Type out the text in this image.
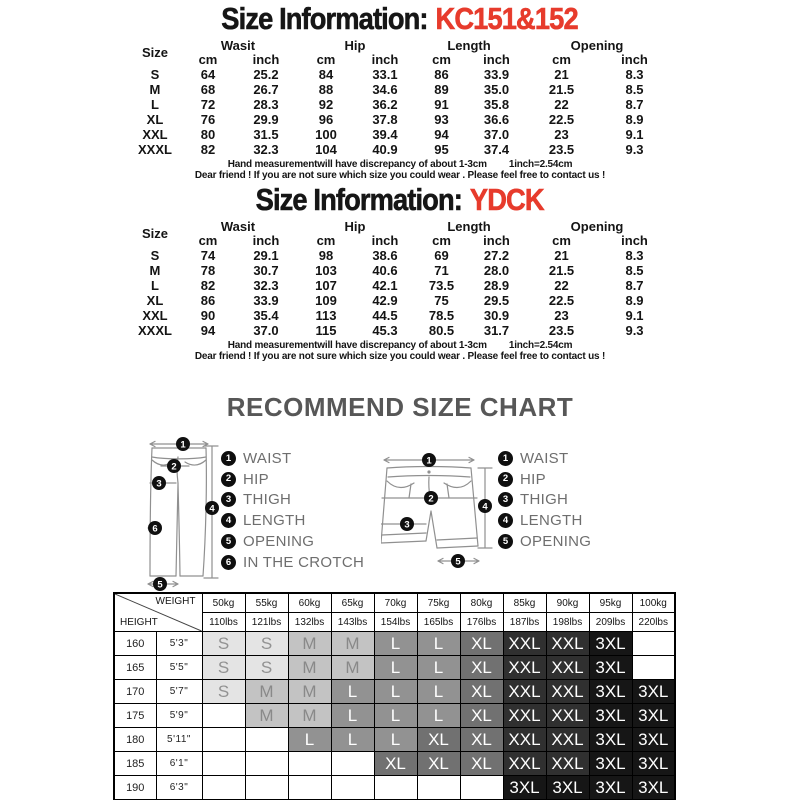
Size Information: KC151&152
Size	Wasit		Hip		Length		Opening	
	cm	inch	cm	inch	cm	inch	cm	inch
S	64	25.2	84	33.1	86	33.9	21	8.3
M	68	26.7	88	34.6	89	35.0	21.5	8.5
L	72	28.3	92	36.2	91	35.8	22	8.7
XL	76	29.9	96	37.8	93	36.6	22.5	8.9
XXL	80	31.5	100	39.4	94	37.0	23	9.1
XXXL	82	32.3	104	40.9	95	37.4	23.5	9.3
Hand measurementwill have discrepancy of about 1-3cm 1inch=2.54cm
Dear friend ! If you are not sure which size you could wear . Please feel free to contact us !
Size Information: YDCK
Size	Wasit		Hip		Length		Opening	
	cm	inch	cm	inch	cm	inch	cm	inch
S	74	29.1	98	38.6	69	27.2	21	8.3
M	78	30.7	103	40.6	71	28.0	21.5	8.5
L	82	32.3	107	42.1	73.5	28.9	22	8.7
XL	86	33.9	109	42.9	75	29.5	22.5	8.9
XXL	90	35.4	113	44.5	78.5	30.9	23	9.1
XXXL	94	37.0	115	45.3	80.5	31.7	23.5	9.3
Hand measurementwill have discrepancy of about 1-3cm 1inch=2.54cm
Dear friend ! If you are not sure which size you could wear . Please feel free to contact us !
RECOMMEND SIZE CHART
1
2
3
4
5
6
1
2
3
4
5
1 WAIST
2 HIP
3 THIGH
4 LENGTH
5 OPENING
6 IN THE CROTCH
1 WAIST
2 HIP
3 THIGH
4 LENGTH
5 OPENING
WEIGHT
HEIGHT		50kg	55kg	60kg	65kg	70kg	75kg	80kg	85kg	90kg	95kg	100kg
		110lbs	121lbs	132lbs	143lbs	154lbs	165lbs	176lbs	187lbs	198lbs	209lbs	220lbs
160	5'3"	S	S	M	M	L	L	XL	XXL	XXL	3XL	
165	5'5"	S	S	M	M	L	L	XL	XXL	XXL	3XL	
170	5'7"	S	M	M	L	L	L	XL	XXL	XXL	3XL	3XL
175	5'9"		M	M	L	L	L	XL	XXL	XXL	3XL	3XL
180	5'11"			L	L	L	XL	XL	XXL	XXL	3XL	3XL
185	6'1"					XL	XL	XL	XXL	XXL	3XL	3XL
190	6'3"								3XL	3XL	3XL	3XL
